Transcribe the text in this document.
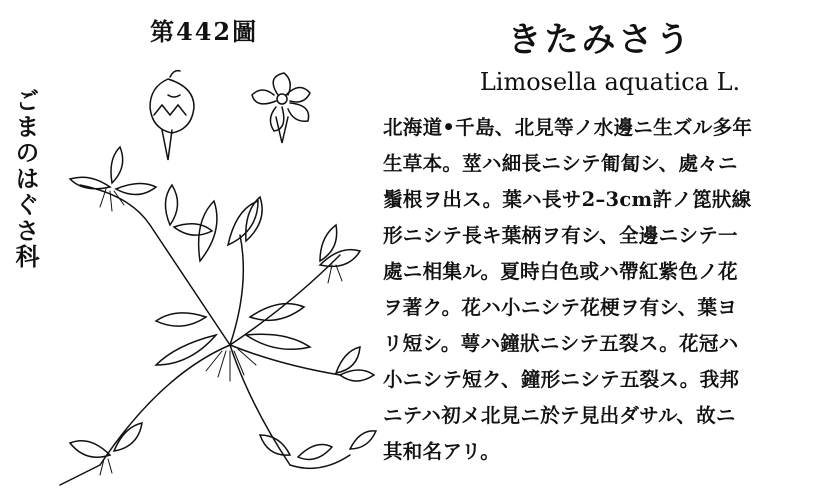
第442圖
ごまのはぐさ科
きたみさう
Limosella aquatica L.
北海道•千島、北見等ノ水邊ニ生ズル多年
生草本。莖ハ細長ニシテ匍匐シ、處々ニ
鬚根ヲ出ス。葉ハ長サ2–3cm許ノ箆狀線
形ニシテ長キ葉柄ヲ有シ、全邊ニシテ一
處ニ相集ル。夏時白色或ハ帶紅紫色ノ花
ヲ著ク。花ハ小ニシテ花梗ヲ有シ、葉ヨ
リ短シ。萼ハ鐘狀ニシテ五裂ス。花冠ハ
小ニシテ短ク、鐘形ニシテ五裂ス。我邦
ニテハ初メ北見ニ於テ見出ダサル、故ニ
其和名アリ。
